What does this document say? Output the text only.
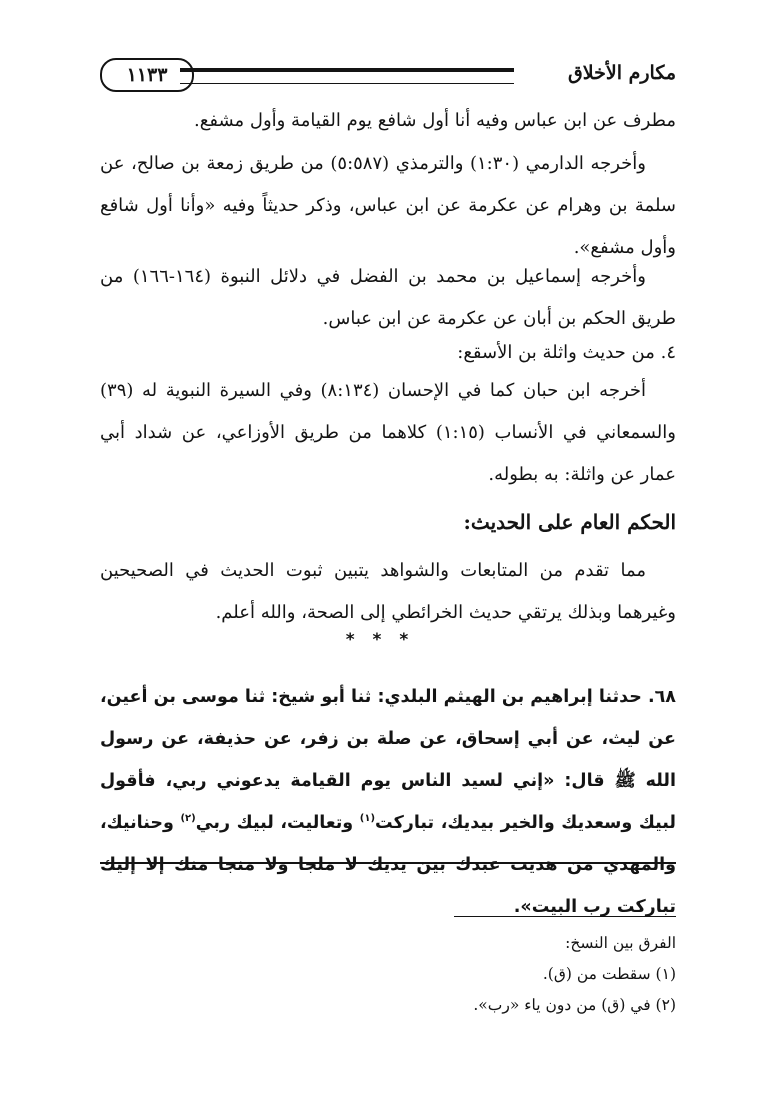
مكارم الأخلاق
١١٣٣

مطرف عن ابن عباس وفيه أنا أول شافع يوم القيامة وأول مشفع.

وأخرجه الدارمي (١:٣٠) والترمذي (٥:٥٨٧) من طريق زمعة بن صالح، عن سلمة بن وهرام عن عكرمة عن ابن عباس، وذكر حديثاً وفيه «وأنا أول شافع وأول مشفع».

وأخرجه إسماعيل بن محمد بن الفضل في دلائل النبوة (١٦٤-١٦٦) من طريق الحكم بن أبان عن عكرمة عن ابن عباس.

٤. من حديث واثلة بن الأسقع:

أخرجه ابن حبان كما في الإحسان (٨:١٣٤) وفي السيرة النبوية له (٣٩) والسمعاني في الأنساب (١:١٥) كلاهما من طريق الأوزاعي، عن شداد أبي عمار عن واثلة: به بطوله.

الحكم العام على الحديث:

مما تقدم من المتابعات والشواهد يتبين ثبوت الحديث في الصحيحين وغيرهما وبذلك يرتقي حديث الخرائطي إلى الصحة، والله أعلم.

* * *

٦٨. حدثنا إبراهيم بن الهيثم البلدي: ثنا أبو شيخ: ثنا موسى بن أعين، عن ليث، عن أبي إسحاق، عن صلة بن زفر، عن حذيفة، عن رسول الله ﷺ قال: «إني لسيد الناس يوم القيامة يدعوني ربي، فأقول لبيك وسعديك والخير بيديك، تباركت$^{(١)}$ وتعاليت، لبيك ربي$^{(٢)}$ وحنانيك، والمهدي من هديت عبدك بين يديك لا ملجا ولا منجا منك إلا إليك تباركت رب البيت».

الفرق بين النسخ:
(١) سقطت من (ق).
(٢) في (ق) من دون ياء «رب».
